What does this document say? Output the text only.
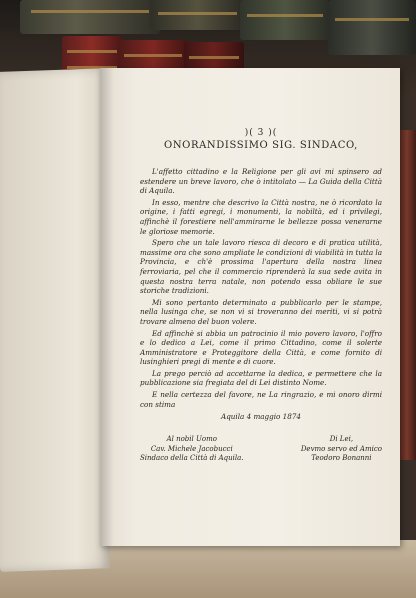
)( 3 )(
ONORANDISSIMO SIG. SINDACO,

L'affetto cittadino e la Religione per gli avi mi spinsero ad estendere un breve lavoro, che ò intitolato — La Guida della Città di Aquila.

In esso, mentre che descrivo la Città nostra, ne ò ricordato la origine, i fatti egregi, i monumenti, la nobiltà, ed i privilegi, affinchè il forestiere nell'ammirarne le bellezze possa venerarne le gloriose memorie.

Spero che un tale lavoro riesca di decoro e di pratica utilità, massime ora che sono ampliate le condizioni di viabilità in tutta la Provincia, e ch'è prossima l'apertura della nostra linea ferroviaria, pel che il commercio riprenderà la sua sede avita in questa nostra terra natale, non potendo essa obliare le sue storiche tradizioni.

Mi sono pertanto determinato a pubblicarlo per le stampe, nella lusinga che, se non vi si troveranno dei meriti, vi si potrà trovare almeno del buon volere.

Ed affinchè si abbia un patrocinio il mio povero lavoro, l'offro e lo dedico a Lei, come il primo Cittadino, come il solerte Amministratore e Proteggitore della Città, e come fornito di lusinghieri pregi di mente e di cuore.

La prego perciò ad accettarne la dedica, e permettere che la pubblicazione sia fregiata del di Lei distinto Nome.

E nella certezza del favore, ne La ringrazio, e mi onoro dirmi con stima

Aquila 4 maggio 1874
Al nobil Uomo
Cav. Michele Jacobucci
Sindaco della Città di Aquila.
Di Lei,
Devmo servo ed Amico
Teodoro Bonanni
